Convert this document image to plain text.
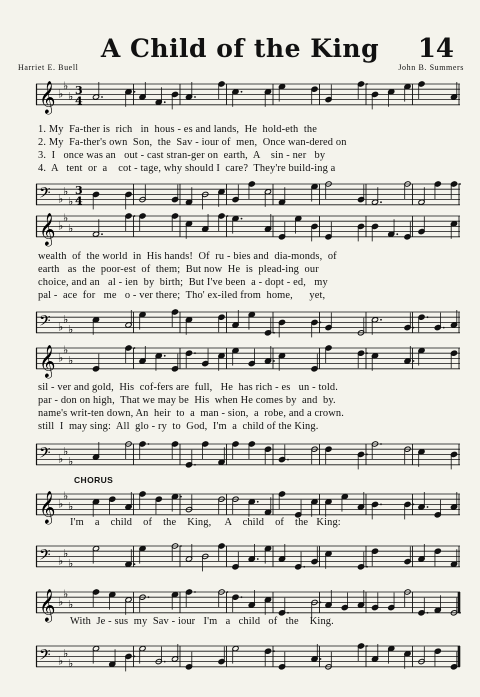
A Child of the King	14
Harriet E. Buell	John B. Summers
𝄞 ♭
♭
♭ 3
4
𝄢 ♭
♭
♭
3
4
1. My  Fa-ther is  rich   in  hous - es and lands,  He  hold-eth  the
2. My  Fa-ther's own  Son,  the  Sav - iour of  men,  Once wan-dered on
3.  I   once was an   out - cast stran-ger on  earth,  A    sin - ner   by
4.  A   tent  or  a    cot - tage, why should I  care?  They're build-ing a
𝄞 ♭
♭
♭
𝄢 ♭
♭
♭
wealth  of  the world  in  His hands!  Of  ru - bies and  dia-monds,  of
earth   as  the  poor-est  of  them;  But now  He  is  plead-ing  our
choice, and an   al - ien  by  birth;  But I've been  a - dopt - ed,   my
pal -  ace  for   me   o - ver there;  Tho' ex-iled from  home,      yet,
𝄞 ♭
♭
♭
𝄢 ♭
♭
♭
sil - ver and gold,  His  cof-fers are  full,   He  has rich - es   un - told.
par - don on high,  That we may be  His  when He comes by  and  by.
name's writ-ten down, An  heir  to  a  man - sion,  a  robe, and a crown.
still  I  may sing:  All  glo - ry  to  God,  I'm  a  child of the King.
CHORUS
𝄞 ♭
♭
♭
𝄢 ♭
♭
♭
I'm    a    child    of    the    King,     A    child    of    the   King:
𝄞 ♭
♭
♭
𝄢 ♭
♭
♭
With  Je - sus  my  Sav - iour   I'm   a   child   of   the    King.
